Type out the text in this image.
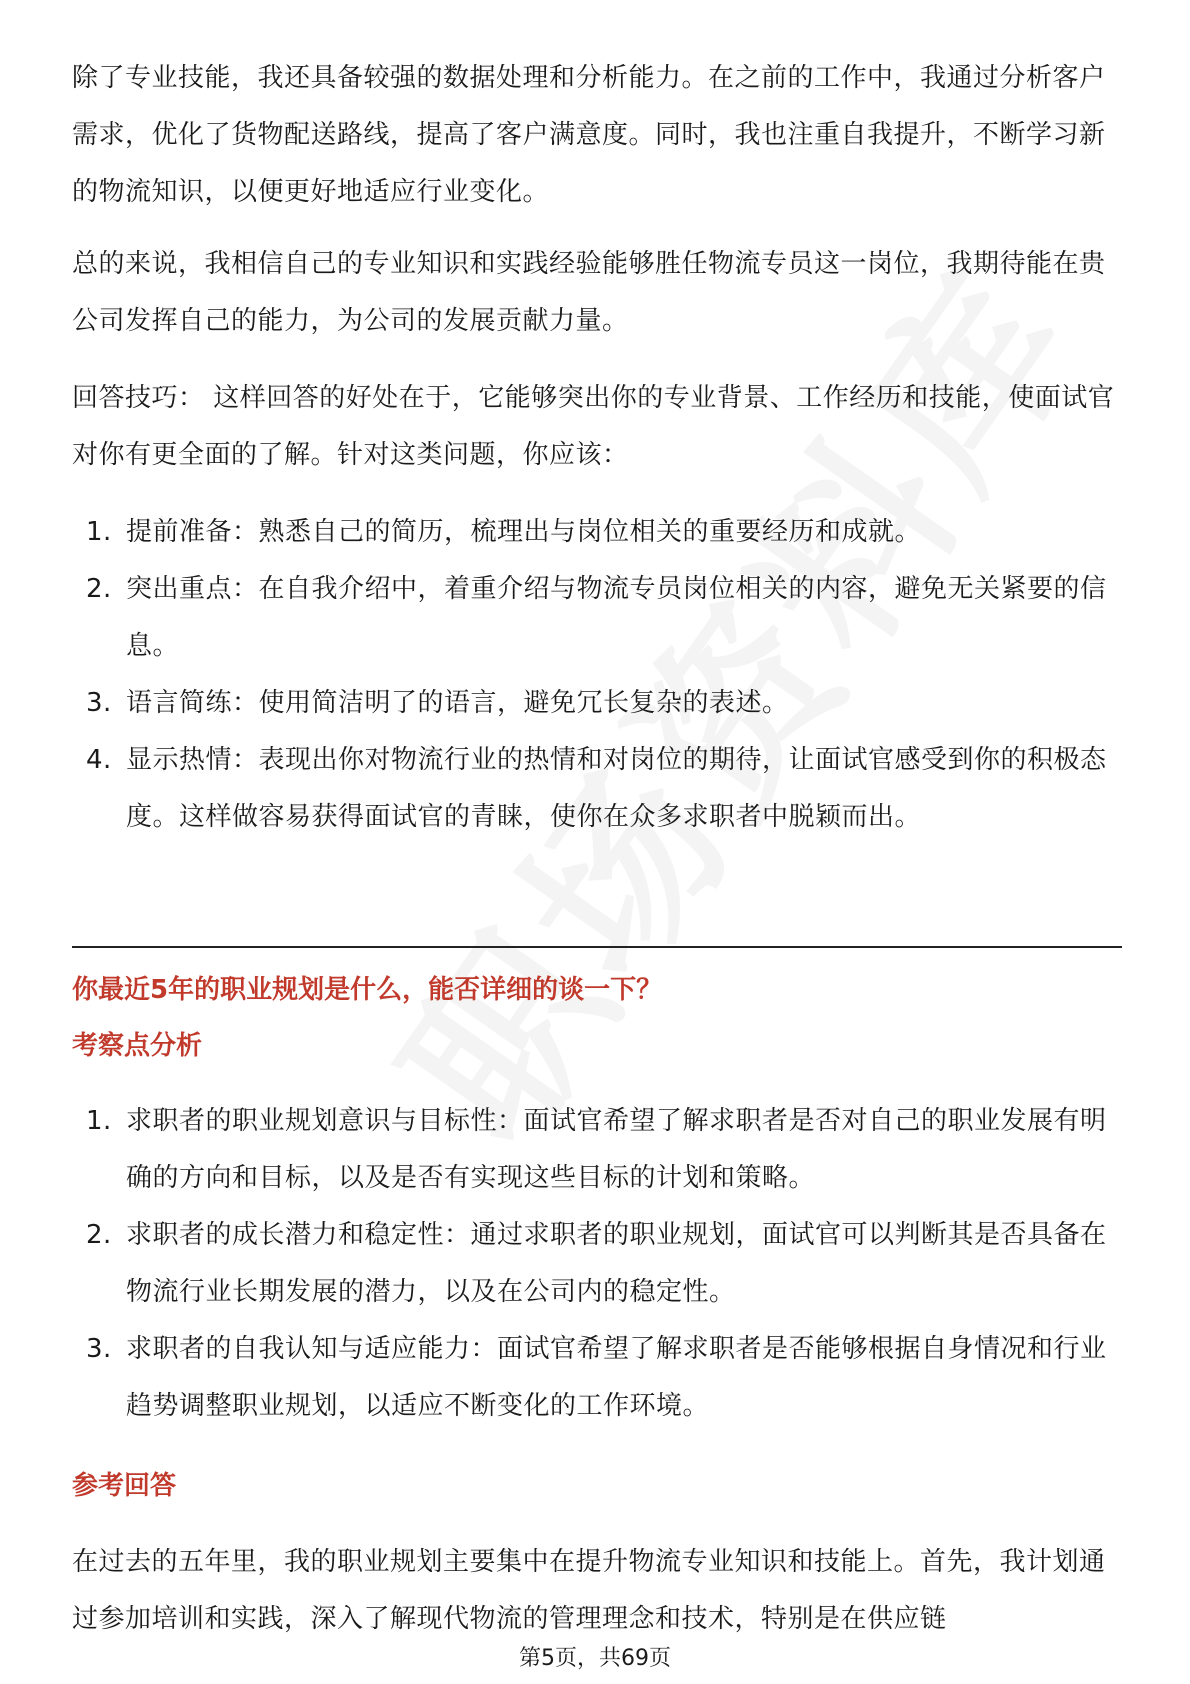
除了专业技能，我还具备较强的数据处理和分析能力。在之前的工作中，我通过分析客户需求，优化了货物配送路线，提高了客户满意度。同时，我也注重自我提升，不断学习新的物流知识，以便更好地适应行业变化。

总的来说，我相信自己的专业知识和实践经验能够胜任物流专员这一岗位，我期待能在贵公司发挥自己的能力，为公司的发展贡献力量。

回答技巧： 这样回答的好处在于，它能够突出你的专业背景、工作经历和技能，使面试官对你有更全面的了解。针对这类问题，你应该：

1. 提前准备：熟悉自己的简历，梳理出与岗位相关的重要经历和成就。
2. 突出重点：在自我介绍中，着重介绍与物流专员岗位相关的内容，避免无关紧要的信息。
3. 语言简练：使用简洁明了的语言，避免冗长复杂的表述。
4. 显示热情：表现出你对物流行业的热情和对岗位的期待，让面试官感受到你的积极态度。这样做容易获得面试官的青睐，使你在众多求职者中脱颖而出。
你最近5年的职业规划是什么，能否详细的谈一下？
考察点分析
1. 求职者的职业规划意识与目标性：面试官希望了解求职者是否对自己的职业发展有明确的方向和目标，以及是否有实现这些目标的计划和策略。
2. 求职者的成长潜力和稳定性：通过求职者的职业规划，面试官可以判断其是否具备在物流行业长期发展的潜力，以及在公司内的稳定性。
3. 求职者的自我认知与适应能力：面试官希望了解求职者是否能够根据自身情况和行业趋势调整职业规划，以适应不断变化的工作环境。
参考回答

在过去的五年里，我的职业规划主要集中在提升物流专业知识和技能上。首先，我计划通过参加培训和实践，深入了解现代物流的管理理念和技术，特别是在供应链

第5页，共69页
